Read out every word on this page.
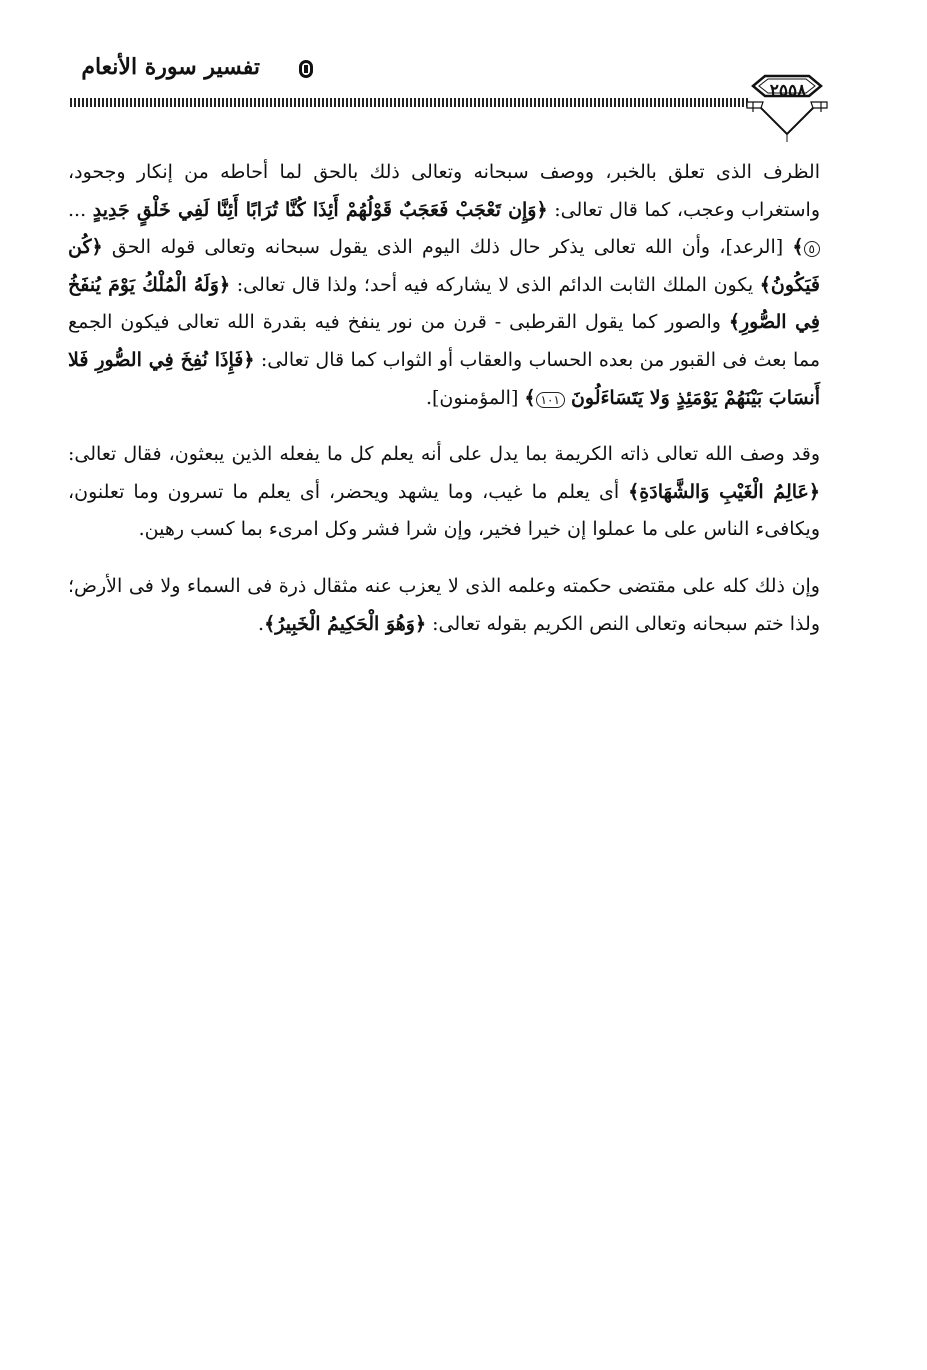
تفسير سورة الأنعام
٢٥٥٨

الظرف الذى تعلق بالخبر، ووصف سبحانه وتعالى ذلك بالحق لما أحاطه من إنكار وجحود، واستغراب وعجب، كما قال تعالى: ﴿وَإِن تَعْجَبْ فَعَجَبٌ قَوْلُهُمْ أَئِذَا كُنَّا تُرَابًا أَئِنَّا لَفِي خَلْقٍ جَدِيدٍ ... ٥﴾ [الرعد]، وأن الله تعالى يذكر حال ذلك اليوم الذى يقول سبحانه وتعالى قوله الحق ﴿كُن فَيَكُونُ﴾ يكون الملك الثابت الدائم الذى لا يشاركه فيه أحد؛ ولذا قال تعالى: ﴿وَلَهُ الْمُلْكُ يَوْمَ يُنفَخُ فِي الصُّورِ﴾ والصور كما يقول القرطبى - قرن من نور ينفخ فيه بقدرة الله تعالى فيكون الجمع مما بعث فى القبور من بعده الحساب والعقاب أو الثواب كما قال تعالى: ﴿فَإِذَا نُفِخَ فِي الصُّورِ فَلا أَنسَابَ بَيْنَهُمْ يَوْمَئِذٍ وَلا يَتَسَاءَلُونَ ١٠١﴾ [المؤمنون].

وقد وصف الله تعالى ذاته الكريمة بما يدل على أنه يعلم كل ما يفعله الذين يبعثون، فقال تعالى: ﴿عَالِمُ الْغَيْبِ وَالشَّهَادَةِ﴾ أى يعلم ما غيب، وما يشهد ويحضر، أى يعلم ما تسرون وما تعلنون، ويكافىء الناس على ما عملوا إن خيرا فخير، وإن شرا فشر وكل امرىء بما كسب رهين.

وإن ذلك كله على مقتضى حكمته وعلمه الذى لا يعزب عنه مثقال ذرة فى السماء ولا فى الأرض؛ ولذا ختم سبحانه وتعالى النص الكريم بقوله تعالى: ﴿وَهُوَ الْحَكِيمُ الْخَبِيرُ﴾.
